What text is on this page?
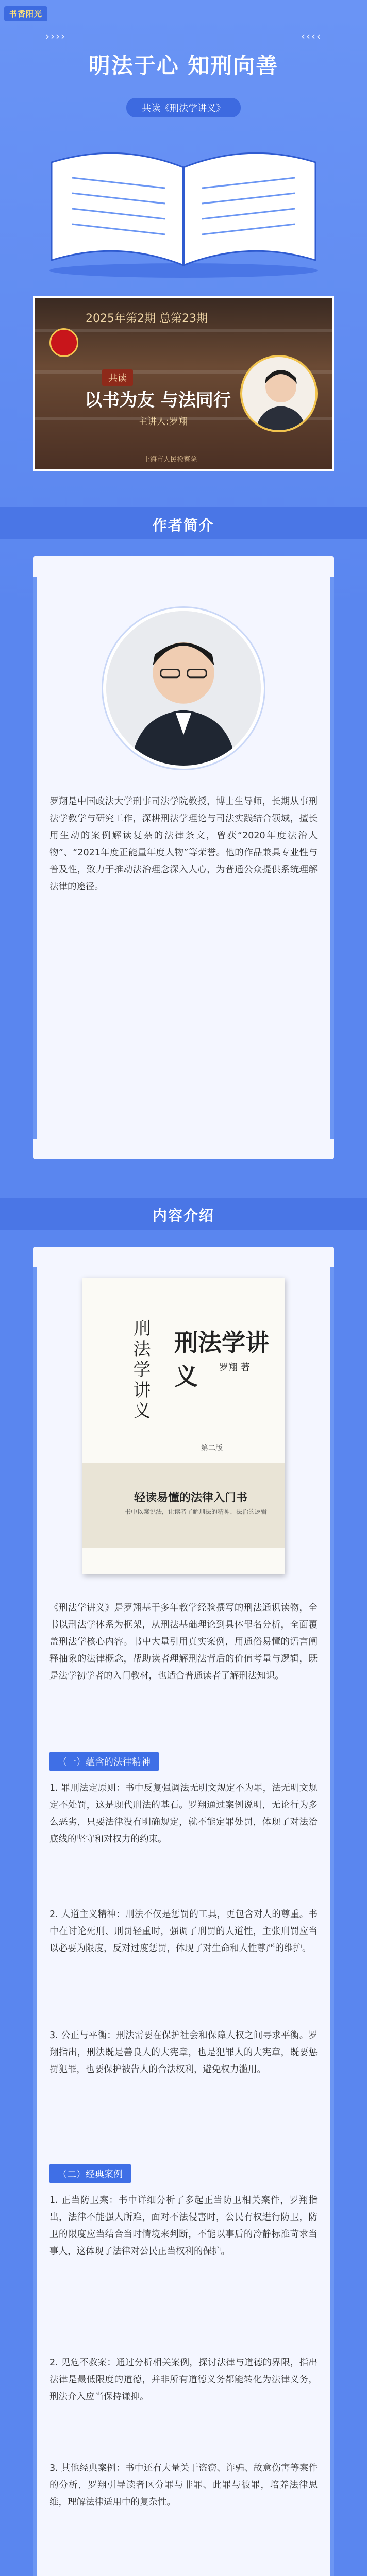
书香阳光
››››	‹‹‹‹
明法于心 知刑向善
共读《刑法学讲义》
2025年第2期 总第23期
共读
以书为友 与法同行
主讲人:罗翔
上海市人民检察院
作者简介
罗翔是中国政法大学刑事司法学院教授，博士生导师，长期从事刑法学教学与研究工作，深耕刑法学理论与司法实践结合领域，擅长用生动的案例解读复杂的法律条文，曾获“2020年度法治人物”、“2021年度正能量年度人物”等荣誉。他的作品兼具专业性与普及性，致力于推动法治理念深入人心，为普通公众提供系统理解法律的途径。
内容介绍
刑法学讲义 刑法学讲义	罗翔 著
第二版
轻读易懂的法律入门书
书中以案说法，让读者了解刑法的精神、法治的逻辑
《刑法学讲义》是罗翔基于多年教学经验撰写的刑法通识读物，全书以刑法学体系为框架，从刑法基础理论到具体罪名分析，全面覆盖刑法学核心内容。书中大量引用真实案例，用通俗易懂的语言阐释抽象的法律概念，帮助读者理解刑法背后的价值考量与逻辑，既是法学初学者的入门教材，也适合普通读者了解刑法知识。
（一）蕴含的法律精神
1. 罪刑法定原则：书中反复强调法无明文规定不为罪，法无明文规定不处罚，这是现代刑法的基石。罗翔通过案例说明，无论行为多么恶劣，只要法律没有明确规定，就不能定罪处罚，体现了对法治底线的坚守和对权力的约束。
2. 人道主义精神：刑法不仅是惩罚的工具，更包含对人的尊重。书中在讨论死刑、刑罚轻重时，强调了刑罚的人道性，主张刑罚应当以必要为限度，反对过度惩罚，体现了对生命和人性尊严的维护。
3. 公正与平衡：刑法需要在保护社会和保障人权之间寻求平衡。罗翔指出，刑法既是善良人的大宪章，也是犯罪人的大宪章，既要惩罚犯罪，也要保护被告人的合法权利，避免权力滥用。
（二）经典案例
1. 正当防卫案：书中详细分析了多起正当防卫相关案件，罗翔指出，法律不能强人所难，面对不法侵害时，公民有权进行防卫，防卫的限度应当结合当时情境来判断，不能以事后的冷静标准苛求当事人，这体现了法律对公民正当权利的保护。
2. 见危不救案：通过分析相关案例，探讨法律与道德的界限，指出法律是最低限度的道德，并非所有道德义务都能转化为法律义务，刑法介入应当保持谦抑。
3. 其他经典案例：书中还有大量关于盗窃、诈骗、故意伤害等案件的分析，罗翔引导读者区分罪与非罪、此罪与彼罪，培养法律思维，理解法律适用中的复杂性。
